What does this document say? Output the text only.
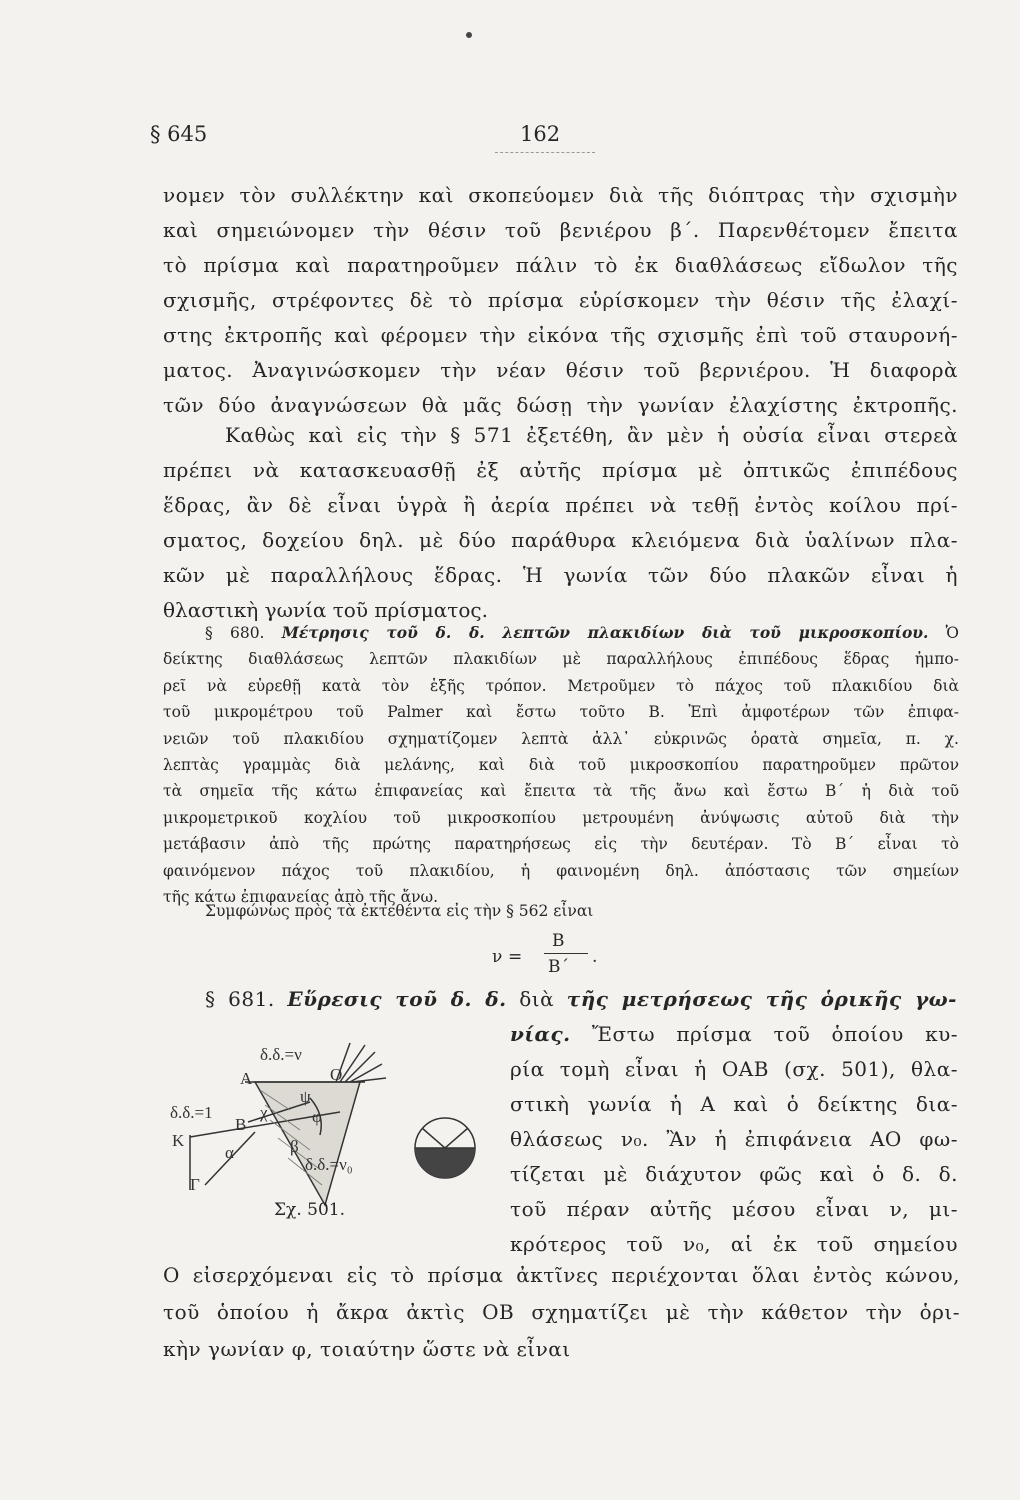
§ 645	162
νομεν τὸν συλλέκτην καὶ σκοπεύομεν διὰ τῆς διόπτρας τὴν σχισμὴν
καὶ σημειώνομεν τὴν θέσιν τοῦ βενιέρου β΄. Παρενθέτομεν ἔπειτα
τὸ πρίσμα καὶ παρατηροῦμεν πάλιν τὸ ἐκ διαθλάσεως εἴδωλον τῆς
σχισμῆς, στρέφοντες δὲ τὸ πρίσμα εὑρίσκομεν τὴν θέσιν τῆς ἐλαχί-
στης ἐκτροπῆς καὶ φέρομεν τὴν εἰκόνα τῆς σχισμῆς ἐπὶ τοῦ σταυρονή-
ματος. Ἀναγινώσκομεν τὴν νέαν θέσιν τοῦ βερνιέρου. Ἡ διαφορὰ
τῶν δύο ἀναγνώσεων θὰ μᾶς δώσῃ τὴν γωνίαν ἐλαχίστης ἐκτροπῆς.
Καθὼς καὶ εἰς τὴν § 571 ἐξετέθη, ἂν μὲν ἡ οὐσία εἶναι στερεὰ
πρέπει νὰ κατασκευασθῇ ἐξ αὐτῆς πρίσμα μὲ ὀπτικῶς ἐπιπέδους
ἕδρας, ἂν δὲ εἶναι ὑγρὰ ἢ ἀερία πρέπει νὰ τεθῇ ἐντὸς κοίλου πρί-
σματος, δοχείου δηλ. μὲ δύο παράθυρα κλειόμενα διὰ ὑαλίνων πλα-
κῶν μὲ παραλλήλους ἕδρας. Ἡ γωνία τῶν δύο πλακῶν εἶναι ἡ
θλαστικὴ γωνία τοῦ πρίσματος.
§ 680. Μέτρησις τοῦ δ. δ. λεπτῶν πλακιδίων διὰ τοῦ μικροσκοπίου. Ὁ
δείκτης διαθλάσεως λεπτῶν πλακιδίων μὲ παραλλήλους ἐπιπέδους ἕδρας ἡμπο-
ρεῖ νὰ εὑρεθῇ κατὰ τὸν ἑξῆς τρόπον. Μετροῦμεν τὸ πάχος τοῦ πλακιδίου διὰ
τοῦ μικρομέτρου τοῦ Palmer καὶ ἔστω τοῦτο Β. Ἐπὶ ἀμφοτέρων τῶν ἐπιφα-
νειῶν τοῦ πλακιδίου σχηματίζομεν λεπτὰ ἀλλ᾽ εὐκρινῶς ὁρατὰ σημεῖα, π. χ.
λεπτὰς γραμμὰς διὰ μελάνης, καὶ διὰ τοῦ μικροσκοπίου παρατηροῦμεν πρῶτον
τὰ σημεῖα τῆς κάτω ἐπιφανείας καὶ ἔπειτα τὰ τῆς ἄνω καὶ ἔστω Β΄ ἡ διὰ τοῦ
μικρομετρικοῦ κοχλίου τοῦ μικροσκοπίου μετρουμένη ἀνύψωσις αὐτοῦ διὰ τὴν
μετάβασιν ἀπὸ τῆς πρώτης παρατηρήσεως εἰς τὴν δευτέραν. Τὸ Β΄ εἶναι τὸ
φαινόμενον πάχος τοῦ πλακιδίου, ἡ φαινομένη δηλ. ἀπόστασις τῶν σημείων
τῆς κάτω ἐπιφανείας ἀπὸ τῆς ἄνω.
Συμφώνως πρὸς τὰ ἐκτεθέντα εἰς τὴν § 562 εἶναι
ν =
Β
Β΄ .
§ 681. Εὕρεσις τοῦ δ. δ. διὰ τῆς μετρήσεως τῆς ὁρικῆς γω-
νίας. Ἔστω πρίσμα τοῦ ὁποίου κυ-
ρία τομὴ εἶναι ἡ ΟΑΒ (σχ. 501), θλα-
στικὴ γωνία ἡ Α καὶ ὁ δείκτης δια-
θλάσεως ν₀. Ἂν ἡ ἐπιφάνεια ΑΟ φω-
τίζεται μὲ διάχυτον φῶς καὶ ὁ δ. δ.
τοῦ πέραν αὐτῆς μέσου εἶναι ν, μι-
κρότερος τοῦ ν₀, αἱ ἐκ τοῦ σημείου
Ο εἰσερχόμεναι εἰς τὸ πρίσμα ἀκτῖνες περιέχονται ὅλαι ἐντὸς κώνου,
τοῦ ὁποίου ἡ ἄκρα ἀκτὶς ΟΒ σχηματίζει μὲ τὴν κάθετον τὴν ὁρι-
κὴν γωνίαν φ, τοιαύτην ὥστε νὰ εἶναι
δ.δ.=ν
A	O
δ.δ.=1
B
K
α
χ
ψ
φ
β
δ.δ.=ν₀
Γ
Σχ. 501.
